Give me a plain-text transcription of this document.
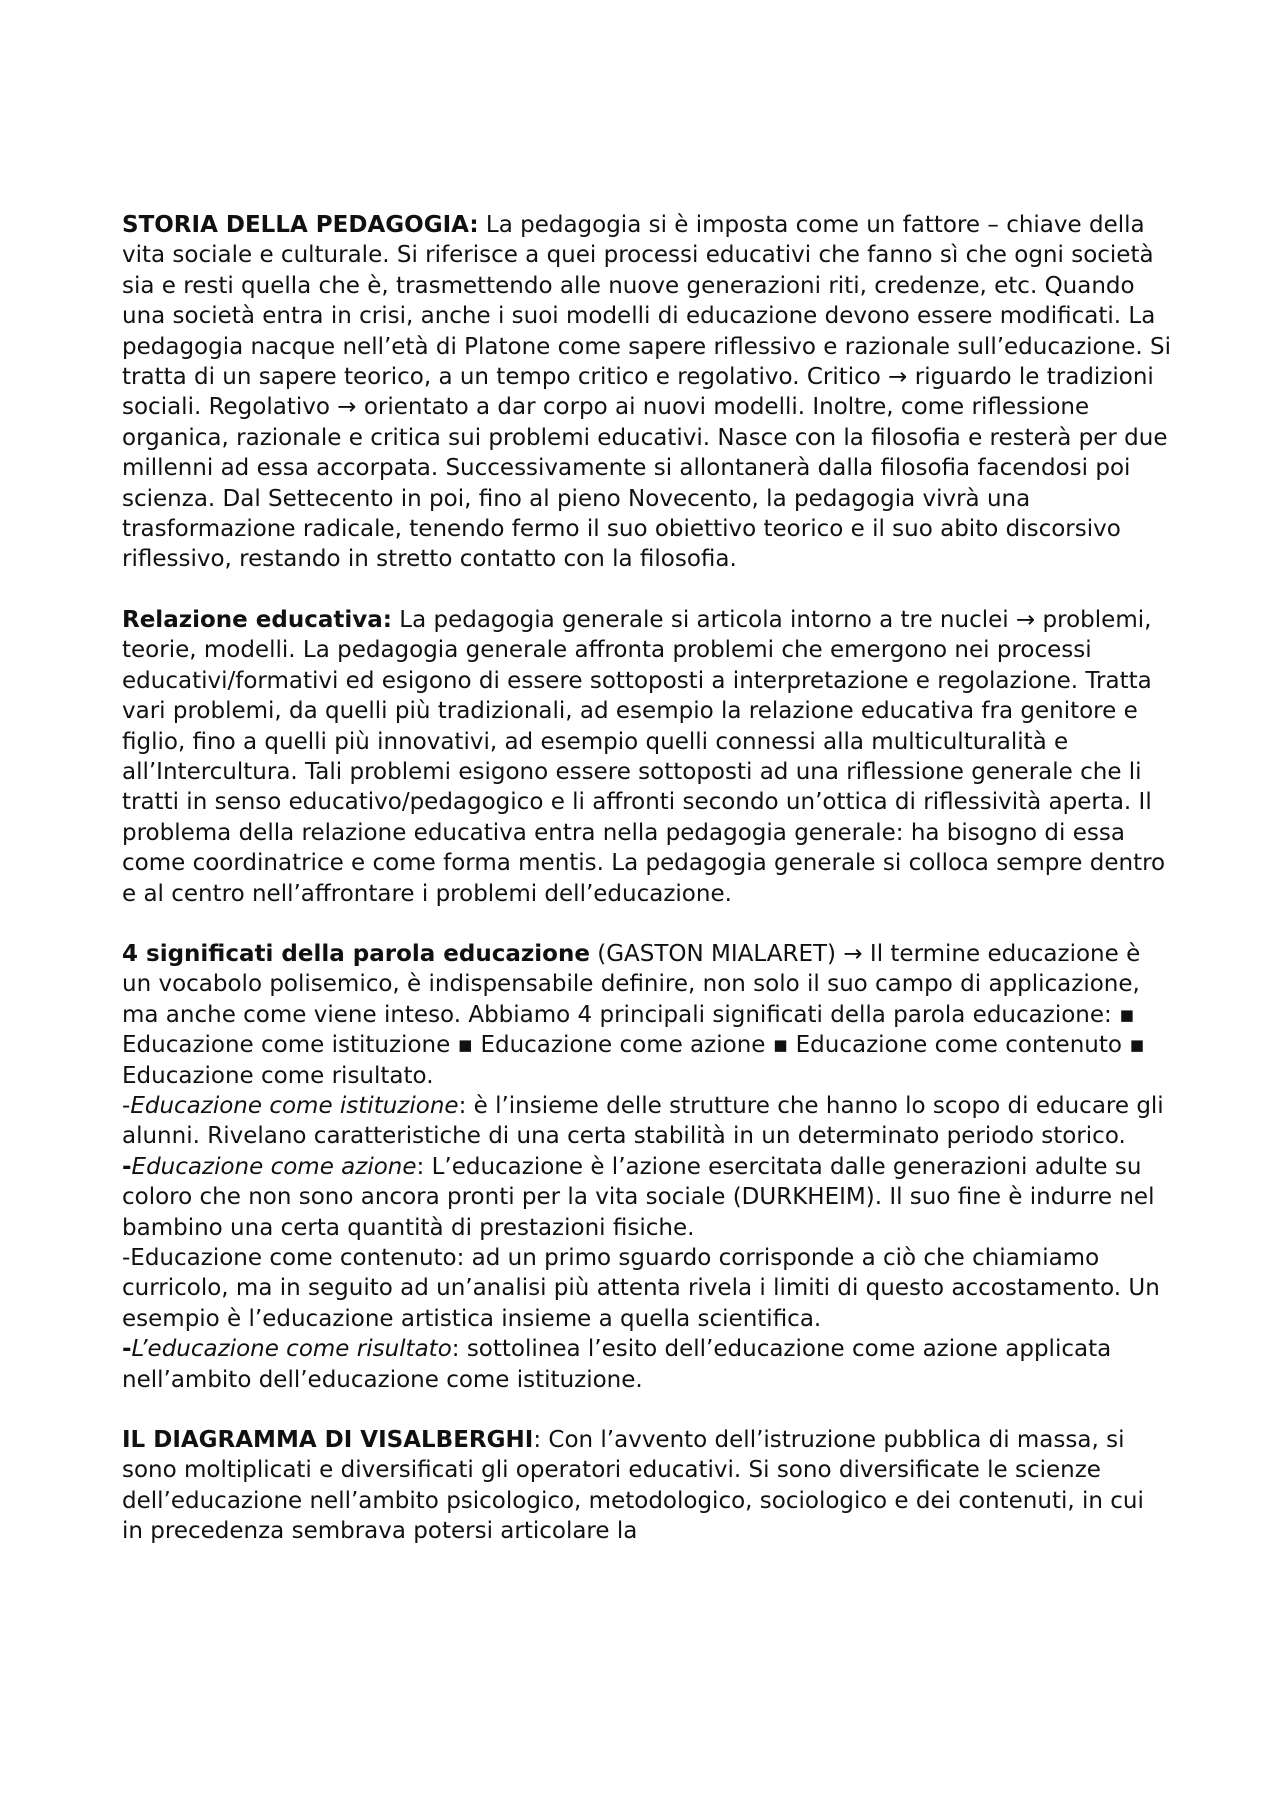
STORIA DELLA PEDAGOGIA: La pedagogia si è imposta come un fattore – chiave della vita sociale e culturale. Si riferisce a quei processi educativi che fanno sì che ogni società sia e resti quella che è, trasmettendo alle nuove generazioni riti, credenze, etc. Quando una società entra in crisi, anche i suoi modelli di educazione devono essere modificati. La pedagogia nacque nell’età di Platone come sapere riflessivo e razionale sull’educazione. Si tratta di un sapere teorico, a un tempo critico e regolativo. Critico → riguardo le tradizioni sociali. Regolativo → orientato a dar corpo ai nuovi modelli. Inoltre, come riflessione organica, razionale e critica sui problemi educativi. Nasce con la filosofia e resterà per due millenni ad essa accorpata. Successivamente si allontanerà dalla filosofia facendosi poi scienza. Dal Settecento in poi, fino al pieno Novecento, la pedagogia vivrà una trasformazione radicale, tenendo fermo il suo obiettivo teorico e il suo abito discorsivo riflessivo, restando in stretto contatto con la filosofia.

Relazione educativa: La pedagogia generale si articola intorno a tre nuclei → problemi, teorie, modelli. La pedagogia generale affronta problemi che emergono nei processi educativi/formativi ed esigono di essere sottoposti a interpretazione e regolazione. Tratta vari problemi, da quelli più tradizionali, ad esempio la relazione educativa fra genitore e figlio, fino a quelli più innovativi, ad esempio quelli connessi alla multiculturalità e all’Intercultura. Tali problemi esigono essere sottoposti ad una riflessione generale che li tratti in senso educativo/pedagogico e li affronti secondo un’ottica di riflessività aperta. Il problema della relazione educativa entra nella pedagogia generale: ha bisogno di essa come coordinatrice e come forma mentis. La pedagogia generale si colloca sempre dentro e al centro nell’affrontare i problemi dell’educazione.

4 significati della parola educazione (GASTON MIALARET) → Il termine educazione è un vocabolo polisemico, è indispensabile definire, non solo il suo campo di applicazione, ma anche come viene inteso. Abbiamo 4 principali significati della parola educazione: ▪ Educazione come istituzione ▪ Educazione come azione ▪ Educazione come contenuto ▪ Educazione come risultato.

-Educazione come istituzione: è l’insieme delle strutture che hanno lo scopo di educare gli alunni. Rivelano caratteristiche di una certa stabilità in un determinato periodo storico.

-Educazione come azione: L’educazione è l’azione esercitata dalle generazioni adulte su coloro che non sono ancora pronti per la vita sociale (DURKHEIM). Il suo fine è indurre nel bambino una certa quantità di prestazioni fisiche.

-Educazione come contenuto: ad un primo sguardo corrisponde a ciò che chiamiamo curricolo, ma in seguito ad un’analisi più attenta rivela i limiti di questo accostamento. Un esempio è l’educazione artistica insieme a quella scientifica.

-L’educazione come risultato: sottolinea l’esito dell’educazione come azione applicata nell’ambito dell’educazione come istituzione.

IL DIAGRAMMA DI VISALBERGHI: Con l’avvento dell’istruzione pubblica di massa, si sono moltiplicati e diversificati gli operatori educativi. Si sono diversificate le scienze dell’educazione nell’ambito psicologico, metodologico, sociologico e dei contenuti, in cui in precedenza sembrava potersi articolare la
